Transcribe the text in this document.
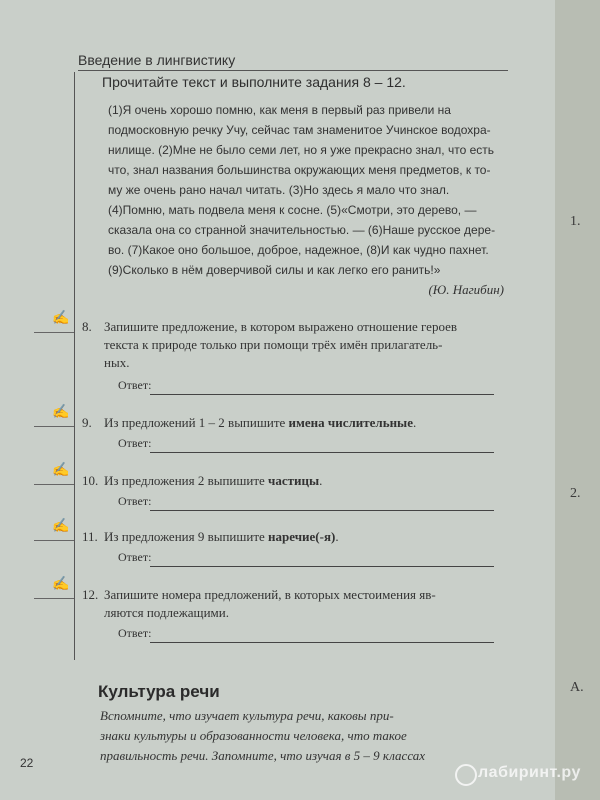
1.
2.
А.
Введение в лингвистику
Прочитайте текст и выполните задания 8 – 12.
(1)Я очень хорошо помню, как меня в первый раз привели на
подмосковную речку Учу, сейчас там знаменитое Учинское водохра-
нилище. (2)Мне не было семи лет, но я уже прекрасно знал, что есть
что, знал названия большинства окружающих меня предметов, к то-
му же очень рано начал читать. (3)Но здесь я мало что знал.
(4)Помню, мать подвела меня к сосне. (5)«Смотри, это дерево, —
сказала она со странной значительностью. — (6)Наше русское дере-
во. (7)Какое оно большое, доброе, надежное, (8)И как чудно пахнет.
(9)Сколько в нём доверчивой силы и как легко его ранить!»
(Ю. Нагибин)
✍
8. Запишите предложение, в котором выражено отношение героев
текста к природе только при помощи трёх имён прилагатель-
ных.
Ответ:
✍
9. Из предложений 1 – 2 выпишите имена числительные.
Ответ:
✍
10. Из предложения 2 выпишите частицы.
Ответ:
✍
11. Из предложения 9 выпишите наречие(-я).
Ответ:
✍
12. Запишите номера предложений, в которых местоимения яв-
ляются подлежащими.
Ответ:
Культура речи
Вспомните, что изучает культура речи, каковы при-
знаки культуры и образованности человека, что такое
правильность речи. Запомните, что изучая в 5 – 9 классах
22
лабиринт.ру
